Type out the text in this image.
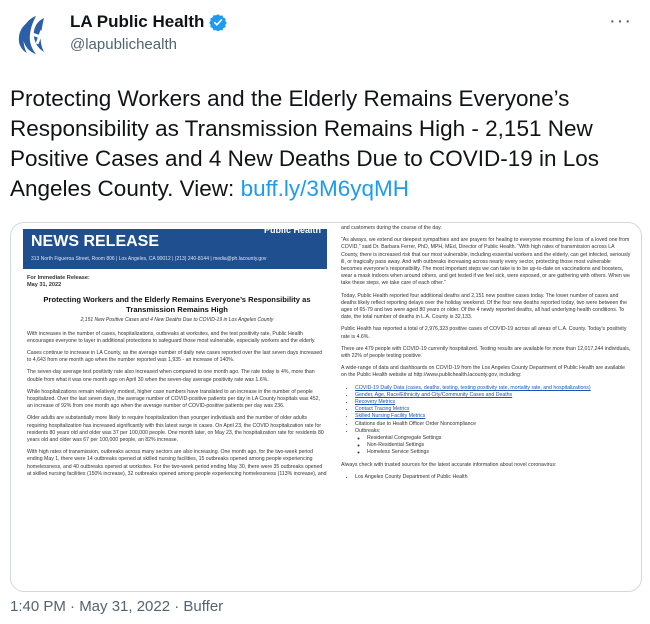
LA Public Health
@lapublichealth
···
Protecting Workers and the Elderly Remains Everyone’s Responsibility as Transmission Remains High - 2,151 New Positive Cases and 4 New Deaths Due to COVID-19 in Los Angeles County. View: buff.ly/3M6yqMH
NEWS RELEASE
Public Health
313 North Figueroa Street, Room 806 | Los Angeles, CA 90012 | (213) 240-8144 | media@ph.lacounty.gov

For Immediate Release:
May 31, 2022

Protecting Workers and the Elderly Remains Everyone’s Responsibility as Transmission Remains High
2,151 New Positive Cases and 4 New Deaths Due to COVID-19 in Los Angeles County

With increases in the number of cases, hospitalizations, outbreaks at worksites, and the test positivity rate, Public Health encourages everyone to layer in additional protections to safeguard those most vulnerable, especially workers and the elderly.

Cases continue to increase in LA County, as the average number of daily new cases reported over the last seven days increased to 4,643 from one month ago when the number reported was 1,935 - an increase of 140%.

The seven-day average test positivity rate also increased when compared to one month ago. The rate today is 4%, more than double from what it was one month ago on April 30 when the seven-day average positivity rate was 1.6%.

While hospitalizations remain relatively modest, higher case numbers have translated to an increase in the number of people hospitalized. Over the last seven days, the average number of COVID-positive patients per day in LA County hospitals was 452, an increase of 92% from one month ago when the average number of COVID-positive patients per day was 236.

Older adults are substantially more likely to require hospitalization than younger individuals and the number of older adults requiring hospitalization has increased significantly with this latest surge in cases. On April 23, the COVID hospitalization rate for residents 80 years old and older was 37 per 100,000 people. One month later, on May 23, the hospitalization rate for residents 80 years old and older was 67 per 100,000 people, an 82% increase.

With high rates of transmission, outbreaks across many sectors are also increasing. One month ago, for the two-week period ending May 1, there were 14 outbreaks opened at skilled nursing facilities, 15 outbreaks opened among people experiencing homelessness, and 40 outbreaks opened at worksites. For the two-week period ending May 30, there were 35 outbreaks opened at skilled nursing facilities (150% increase), 32 outbreaks opened among people experiencing homelessness (113% increase), and

and customers during the course of the day.

“As always, we extend our deepest sympathies and are prayers for healing to everyone mourning the loss of a loved one from COVID,” said Dr. Barbara Ferrer, PhD, MPH, MEd, Director of Public Health. “With high rates of transmission across LA County, there is increased risk that our most vulnerable, including essential workers and the elderly, can get infected, seriously ill, or tragically pass away. And with outbreaks increasing across nearly every sector, protecting those most vulnerable becomes everyone’s responsibility. The most important steps we can take is to be up-to-date on vaccinations and boosters, wear a mask indoors when around others, and get tested if we feel sick, were exposed, or are gathering with others. When we take these steps, we take care of each other.”

Today, Public Health reported four additional deaths and 2,151 new positive cases today. The lower number of cases and deaths likely reflect reporting delays over the holiday weekend. Of the four new deaths reported today, two were between the ages of 65-79 and two were aged 80 years or older. Of the 4 newly reported deaths, all had underlying health conditions. To date, the total number of deaths in L.A. County is 32,133.

Public Health has reported a total of 2,976,323 positive cases of COVID-19 across all areas of L.A. County. Today’s positivity rate is 4.6%.

There are 479 people with COVID-19 currently hospitalized. Testing results are available for more than 12,017,244 individuals, with 22% of people testing positive.

A wide-range of data and dashboards on COVID-19 from the Los Angeles County Department of Public Health are available on the Public Health website at http://www.publichealth.lacounty.gov, including:

• COVID-19 Daily Data (cases, deaths, testing, testing positivity rate, mortality rate, and hospitalizations)
• Gender, Age, Race/Ethnicity and City/Community Cases and Deaths
• Recovery Metrics
• Contact Tracing Metrics
• Skilled Nursing Facility Metrics
• Citations due to Health Officer Order Noncompliance
• Outbreaks:
◦ Residential Congregate Settings
◦ Non-Residential Settings
◦ Homeless Service Settings

Always check with trusted sources for the latest accurate information about novel coronavirus:

• Los Angeles County Department of Public Health
1:40 PM · May 31, 2022 · Buffer
